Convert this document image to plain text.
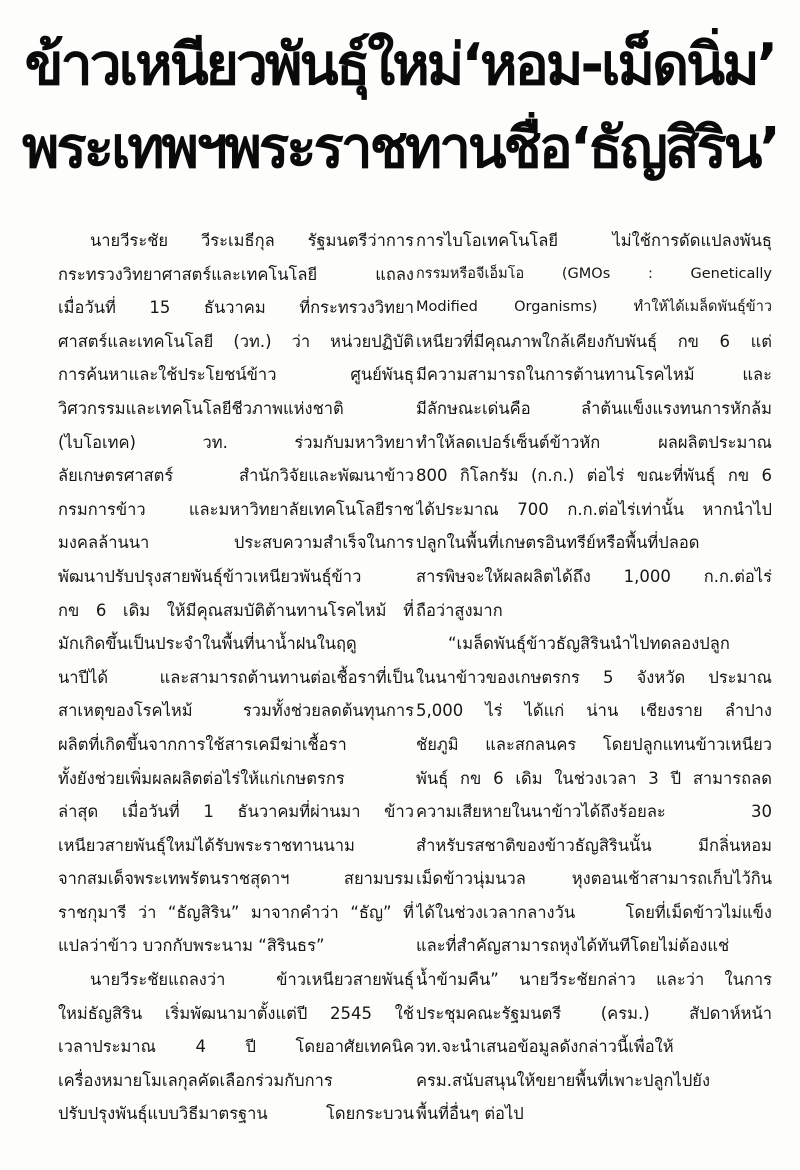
ข้าวเหนียวพันธุ์ใหม่‘หอม-เม็ดนิ่ม’
พระเทพฯพระราชทานชื่อ‘ธัญสิริน’
นายวีระชัย วีระเมธีกุล รัฐมนตรีว่าการ
กระทรวงวิทยาศาสตร์และเทคโนโลยี แถลง
เมื่อวันที่ 15 ธันวาคม ที่กระทรวงวิทยา
ศาสตร์และเทคโนโลยี (วท.) ว่า หน่วยปฏิบัติ
การค้นหาและใช้ประโยชน์ข้าว ศูนย์พันธุ
วิศวกรรมและเทคโนโลยีชีวภาพแห่งชาติ
(ไบโอเทค) วท. ร่วมกับมหาวิทยา
ลัยเกษตรศาสตร์ สำนักวิจัยและพัฒนาข้าว
กรมการข้าว และมหาวิทยาลัยเทคโนโลยีราช
มงคลล้านนา ประสบความสำเร็จในการ
พัฒนาปรับปรุงสายพันธุ์ข้าวเหนียวพันธุ์ข้าว
กข 6 เดิม ให้มีคุณสมบัติต้านทานโรคไหม้ ที่
มักเกิดขึ้นเป็นประจำในพื้นที่นาน้ำฝนในฤดู
นาปีได้ และสามารถต้านทานต่อเชื้อราที่เป็น
สาเหตุของโรคไหม้ รวมทั้งช่วยลดต้นทุนการ
ผลิตที่เกิดขึ้นจากการใช้สารเคมีฆ่าเชื้อรา
ทั้งยังช่วยเพิ่มผลผลิตต่อไร่ให้แก่เกษตรกร
ล่าสุด เมื่อวันที่ 1 ธันวาคมที่ผ่านมา ข้าว
เหนียวสายพันธุ์ใหม่ได้รับพระราชทานนาม
จากสมเด็จพระเทพรัตนราชสุดาฯ สยามบรม
ราชกุมารี ว่า “ธัญสิริน” มาจากคำว่า “ธัญ” ที่
แปลว่าข้าว บวกกับพระนาม “สิรินธร”
นายวีระชัยแถลงว่า ข้าวเหนียวสายพันธุ์
ใหม่ธัญสิริน เริ่มพัฒนามาตั้งแต่ปี 2545 ใช้
เวลาประมาณ 4 ปี โดยอาศัยเทคนิค
เครื่องหมายโมเลกุลคัดเลือกร่วมกับการ
ปรับปรุงพันธุ์แบบวิธีมาตรฐาน โดยกระบวน
การไบโอเทคโนโลยี ไม่ใช้การดัดแปลงพันธุ
กรรมหรือจีเอ็มโอ (GMOs : Genetically
Modified Organisms) ทำให้ได้เมล็ดพันธุ์ข้าว
เหนียวที่มีคุณภาพใกล้เคียงกับพันธุ์ กข 6 แต่
มีความสามารถในการต้านทานโรคไหม้ และ
มีลักษณะเด่นคือ ลำต้นแข็งแรงทนการหักล้ม
ทำให้ลดเปอร์เซ็นต์ข้าวหัก ผลผลิตประมาณ
800 กิโลกรัม (ก.ก.) ต่อไร่ ขณะที่พันธุ์ กข 6
ได้ประมาณ 700 ก.ก.ต่อไร่เท่านั้น หากนำไป
ปลูกในพื้นที่เกษตรอินทรีย์หรือพื้นที่ปลอด
สารพิษจะให้ผลผลิตได้ถึง 1,000 ก.ก.ต่อไร่
ถือว่าสูงมาก
“เมล็ดพันธุ์ข้าวธัญสิรินนำไปทดลองปลูก
ในนาข้าวของเกษตรกร 5 จังหวัด ประมาณ
5,000 ไร่ ได้แก่ น่าน เชียงราย ลำปาง
ชัยภูมิ และสกลนคร โดยปลูกแทนข้าวเหนียว
พันธุ์ กข 6 เดิม ในช่วงเวลา 3 ปี สามารถลด
ความเสียหายในนาข้าวได้ถึงร้อยละ 30
สำหรับรสชาติของข้าวธัญสิรินนั้น มีกลิ่นหอม
เม็ดข้าวนุ่มนวล หุงตอนเช้าสามารถเก็บไว้กิน
ได้ในช่วงเวลากลางวัน โดยที่เม็ดข้าวไม่แข็ง
และที่สำคัญสามารถหุงได้ทันทีโดยไม่ต้องแช่
น้ำข้ามคืน” นายวีระชัยกล่าว และว่า ในการ
ประชุมคณะรัฐมนตรี (ครม.) สัปดาห์หน้า
วท.จะนำเสนอข้อมูลดังกล่าวนี้เพื่อให้
ครม.สนับสนุนให้ขยายพื้นที่เพาะปลูกไปยัง
พื้นที่อื่นๆ ต่อไป
